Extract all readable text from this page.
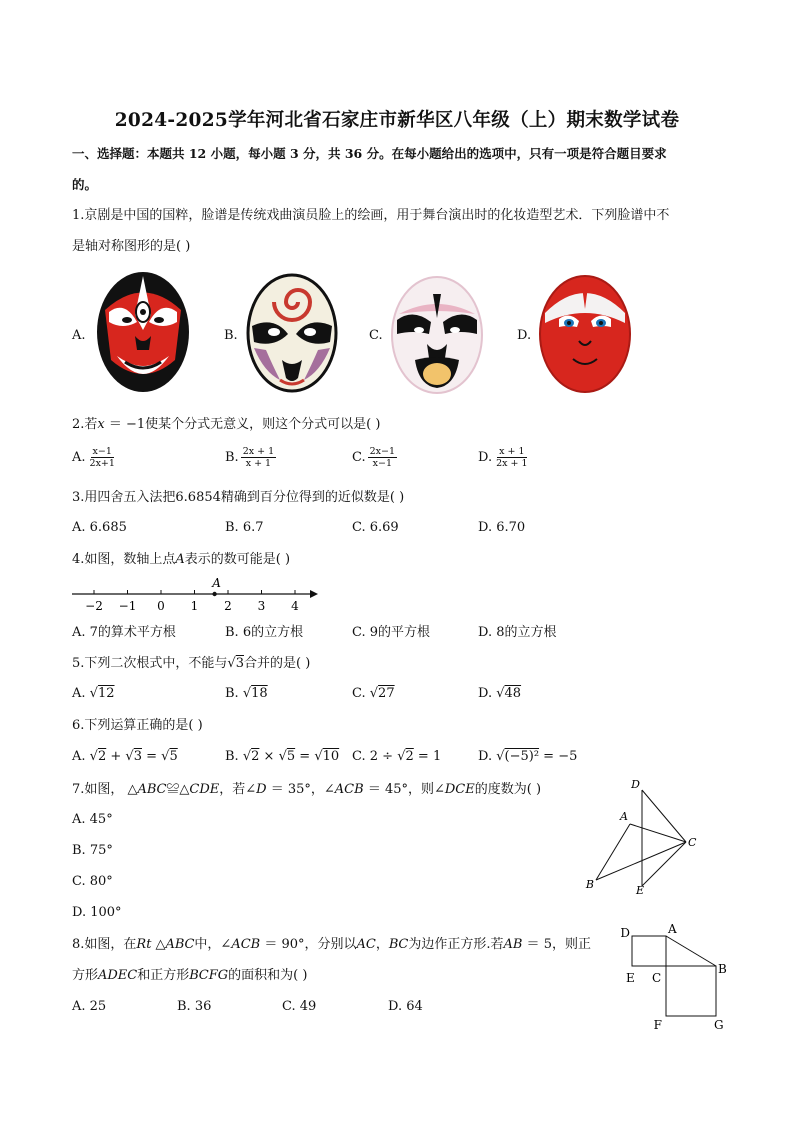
2024-2025学年河北省石家庄市新华区八年级（上）期末数学试卷
一、选择题：本题共 12 小题，每小题 3 分，共 36 分。在每小题给出的选项中，只有一项是符合题目要求
的。
1.京剧是中国的国粹，脸谱是传统戏曲演员脸上的绘画，用于舞台演出时的化妆造型艺术．下列脸谱中不
是轴对称图形的是( )
A.	B.	C.	D.
2.若𝑥 ＝ −1使某个分式无意义，则这个分式可以是( )
A. $\frac{x-1}{2x+1}$	B. $\frac{2x + 1}{x + 1}$	C. $\frac{2x-1}{x-1}$	D. $\frac{x + 1}{2x + 1}$
3.用四舍五入法把6.6854精确到百分位得到的近似数是( )
A. 6.685	B. 6.7	C. 6.69	D. 6.70
4.如图，数轴上点𝐴表示的数可能是( )
−2 −1 0 1 2 3 4
A
A. 7的算术平方根	B. 6的立方根	C. 9的平方根	D. 8的立方根
5.下列二次根式中，不能与√3合并的是( )
A. √12	B. √18	C. √27	D. √48
6.下列运算正确的是( )
A. √2 + √3 = √5	B. √2 × √5 = √10 C. 2 ÷ √2 = 1	D. √(−5)² = −5
7.如图， △𝐴𝐵𝐶≌△𝐶𝐷𝐸，若∠𝐷 ＝ 35°，∠𝐴𝐶𝐵 ＝ 45°，则∠𝐷𝐶𝐸的度数为( )
A. 45°
B. 75°
C. 80°
D. 100°
D
A
C
B	E
8.如图，在𝑅𝑡 △𝐴𝐵𝐶中，∠𝐴𝐶𝐵 ＝ 90°，分别以𝐴𝐶，𝐵𝐶为边作正方形.若𝐴𝐵 ＝ 5，则正
方形𝐴𝐷𝐸𝐶和正方形𝐵𝐶𝐹𝐺的面积和为( )
A. 25	B. 36	C. 49	D. 64
D	A
E C
B
F	G
